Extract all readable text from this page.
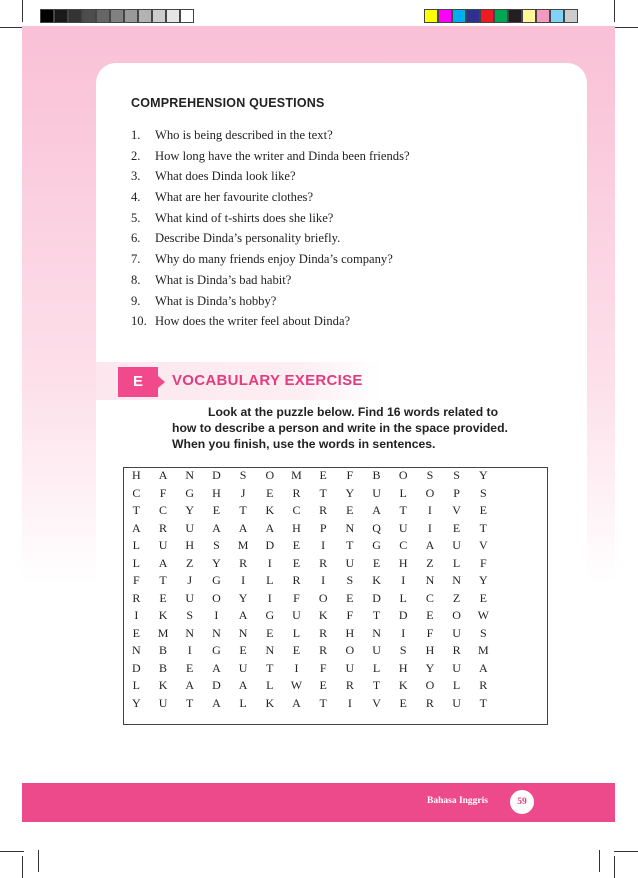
COMPREHENSION QUESTIONS
1.	Who is being described in the text?
2.	How long have the writer and Dinda been friends?
3.	What does Dinda look like?
4.	What are her favourite clothes?
5.	What kind of t-shirts does she like?
6.	Describe Dinda’s personality briefly.
7.	Why do many friends enjoy Dinda’s company?
8.	What is Dinda’s bad habit?
9.	What is Dinda’s hobby?
10. How does the writer feel about Dinda?
E	VOCABULARY EXERCISE
Look at the puzzle below. Find 16 words related to
how to describe a person and write in the space provided.
When you finish, use the words in sentences.
H	A	N	D	S	O	M	E	F	B	O	S	S	Y
C	F	G	H	J	E	R	T	Y	U	L	O	P	S
T	C	Y	E	T	K	C	R	E	A	T	I	V	E
A	R	U	A	A	A	H	P	N	Q	U	I	E	T
L	U	H	S	M	D	E	I	T	G	C	A	U	V
L	A	Z	Y	R	I	E	R	U	E	H	Z	L	F
F	T	J	G	I	L	R	I	S	K	I	N	N	Y
R	E	U	O	Y	I	F	O	E	D	L	C	Z	E
I	K	S	I	A	G	U	K	F	T	D	E	O	W
E	M	N	N	N	E	L	R	H	N	I	F	U	S
N	B	I	G	E	N	E	R	O	U	S	H	R	M
D	B	E	A	U	T	I	F	U	L	H	Y	U	A
L	K	A	D	A	L	W	E	R	T	K	O	L	R
Y	U	T	A	L	K	A	T	I	V	E	R	U	T
Bahasa Inggris	59
